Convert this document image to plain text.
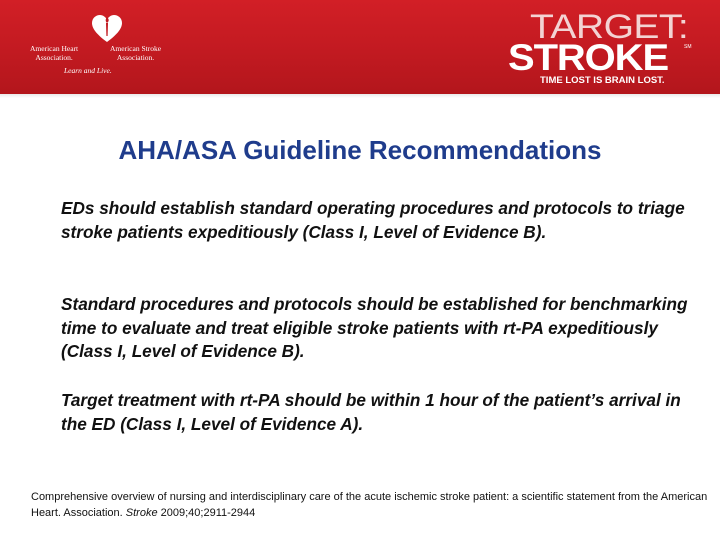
American Heart
Association.
American Stroke
Association.
Learn and Live.
TARGET:
STROKE	SM
TIME LOST IS BRAIN LOST.
AHA/ASA Guideline Recommendations
EDs should establish standard operating procedures and protocols to triage stroke patients expeditiously (Class I, Level of Evidence B).
Standard procedures and protocols should be established for benchmarking time to evaluate and treat eligible stroke patients with rt-PA expeditiously (Class I, Level of Evidence B).
Target treatment with rt-PA should be within 1 hour of the patient’s arrival in the ED (Class I, Level of Evidence A).
Comprehensive overview of nursing and interdisciplinary care of the acute ischemic stroke patient: a scientific statement from the American Heart. Association. Stroke 2009;40;2911-2944
